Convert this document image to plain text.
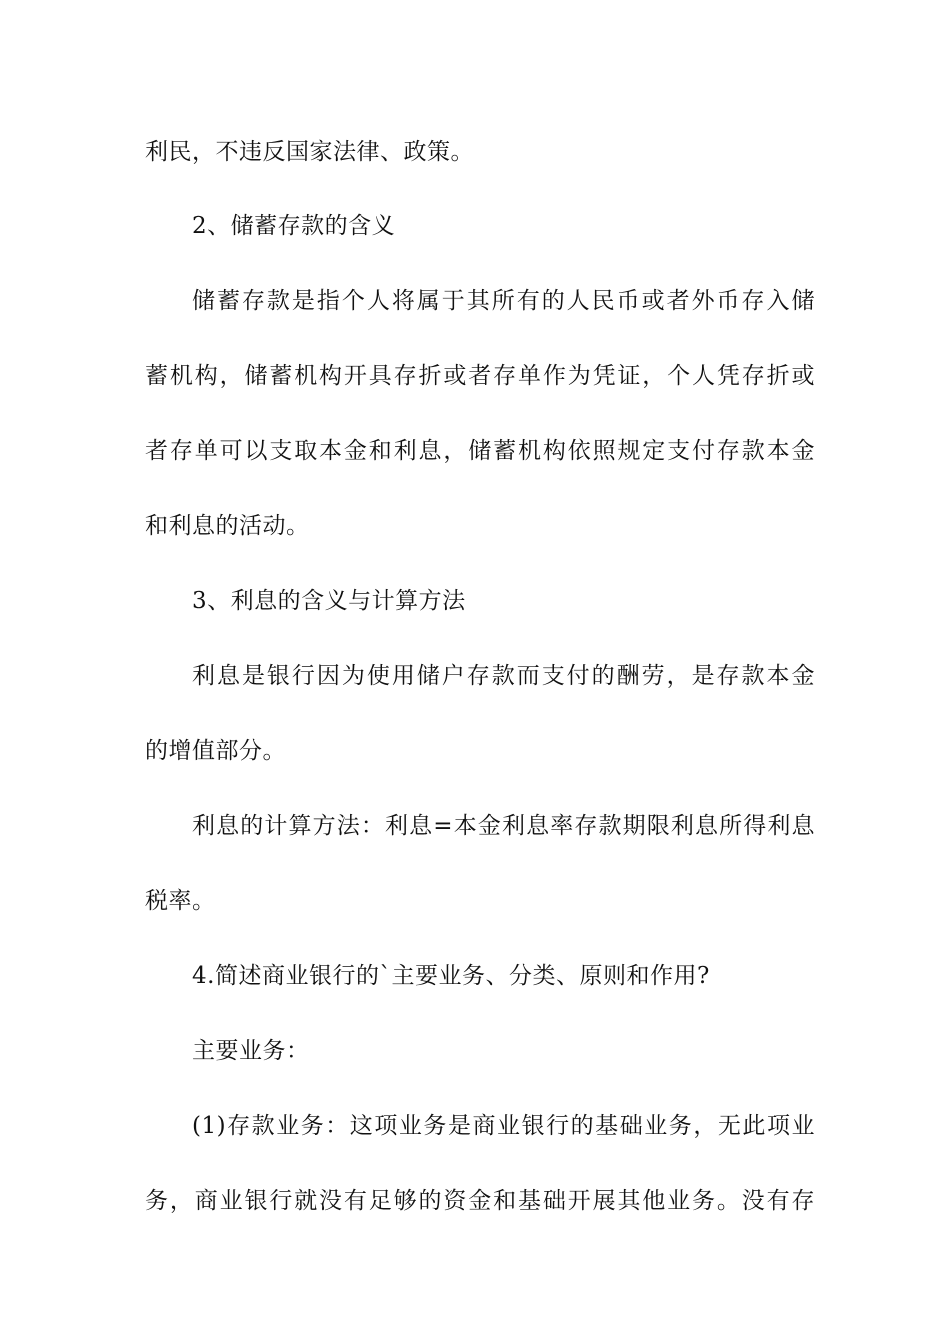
利民，不违反国家法律、政策。
2、储蓄存款的含义
储蓄存款是指个人将属于其所有的人民币或者外币存入储
蓄机构，储蓄机构开具存折或者存单作为凭证，个人凭存折或
者存单可以支取本金和利息，储蓄机构依照规定支付存款本金
和利息的活动。
3、利息的含义与计算方法
利息是银行因为使用储户存款而支付的酬劳，是存款本金
的增值部分。
利息的计算方法：利息=本金利息率存款期限利息所得利息
税率。
4.简述商业银行的`主要业务、分类、原则和作用?
主要业务：
(1)存款业务：这项业务是商业银行的基础业务，无此项业
务，商业银行就没有足够的资金和基础开展其他业务。没有存
